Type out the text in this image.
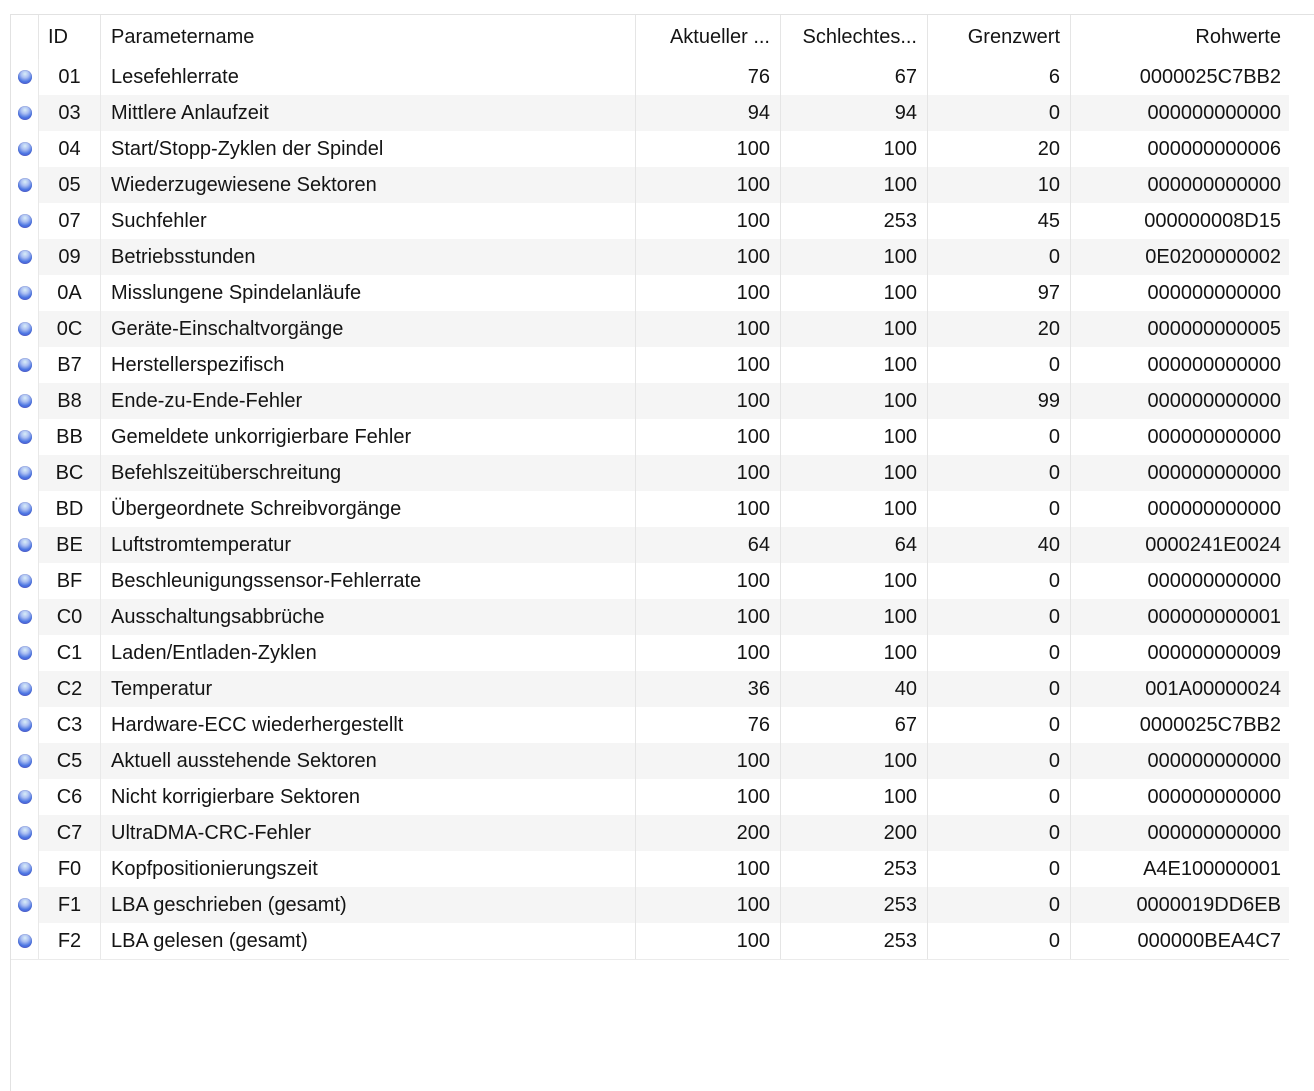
ID	Parametername	Aktueller ...	Schlechtes...	Grenzwert	Rohwerte
01	Lesefehlerrate	76	67	6	0000025C7BB2
03	Mittlere Anlaufzeit	94	94	0	000000000000
04	Start/Stopp-Zyklen der Spindel	100	100	20	000000000006
05	Wiederzugewiesene Sektoren	100	100	10	000000000000
07	Suchfehler	100	253	45	000000008D15
09	Betriebsstunden	100	100	0	0E0200000002
0A	Misslungene Spindelanläufe	100	100	97	000000000000
0C	Geräte-Einschaltvorgänge	100	100	20	000000000005
B7	Herstellerspezifisch	100	100	0	000000000000
B8	Ende-zu-Ende-Fehler	100	100	99	000000000000
BB	Gemeldete unkorrigierbare Fehler	100	100	0	000000000000
BC	Befehlszeitüberschreitung	100	100	0	000000000000
BD	Übergeordnete Schreibvorgänge	100	100	0	000000000000
BE	Luftstromtemperatur	64	64	40	0000241E0024
BF	Beschleunigungssensor-Fehlerrate	100	100	0	000000000000
C0	Ausschaltungsabbrüche	100	100	0	000000000001
C1	Laden/Entladen-Zyklen	100	100	0	000000000009
C2	Temperatur	36	40	0	001A00000024
C3	Hardware-ECC wiederhergestellt	76	67	0	0000025C7BB2
C5	Aktuell ausstehende Sektoren	100	100	0	000000000000
C6	Nicht korrigierbare Sektoren	100	100	0	000000000000
C7	UltraDMA-CRC-Fehler	200	200	0	000000000000
F0	Kopfpositionierungszeit	100	253	0	A4E100000001
F1	LBA geschrieben (gesamt)	100	253	0	0000019DD6EB
F2	LBA gelesen (gesamt)	100	253	0	000000BEA4C7
